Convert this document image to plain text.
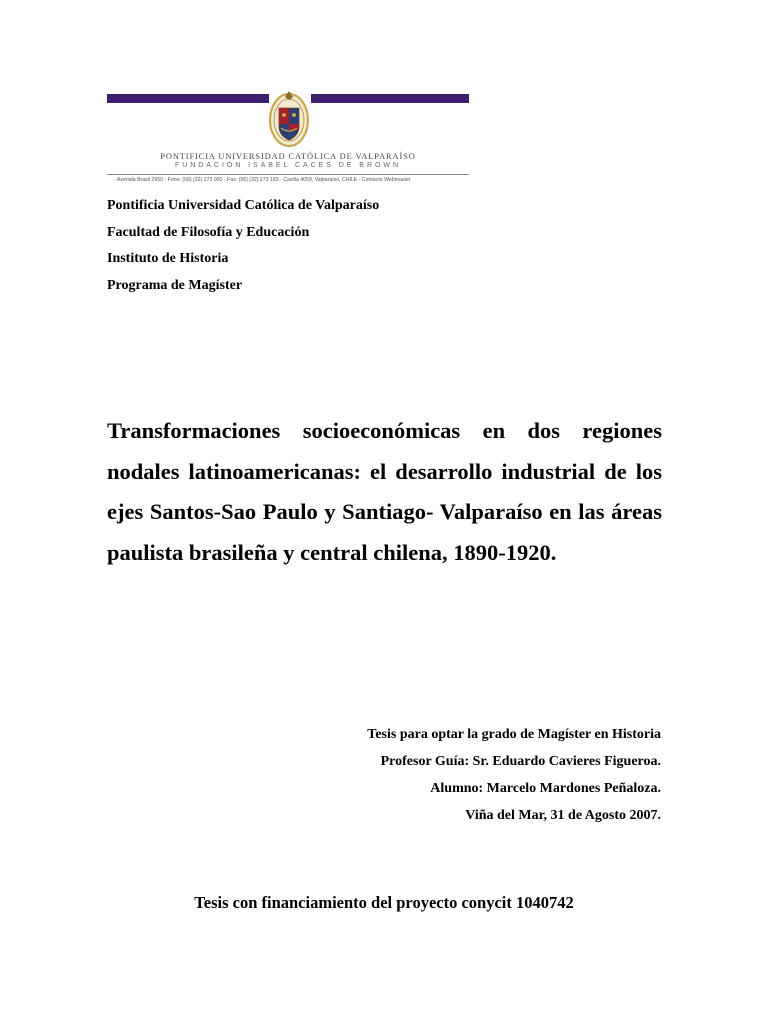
PONTIFICIA UNIVERSIDAD CATÓLICA DE VALPARAÍSO
FUNDACIÓN ISABEL CACES DE BROWN
Avenida Brasil 2950 - Fono: (56) (32) 273 000 - Fax: (56) (32) 273 183 - Casilla 4059, Valparaíso, CHILE - Contacto Webmaster
Pontificia Universidad Católica de Valparaíso
Facultad de Filosofía y Educación
Instituto de Historia
Programa de Magíster

Transformaciones socioeconómicas en dos regiones nodales latinoamericanas: el desarrollo industrial de los ejes Santos-Sao Paulo y Santiago- Valparaíso en las áreas paulista brasileña y central chilena, 1890-1920.

Tesis para optar la grado de Magíster en Historia
Profesor Guía: Sr. Eduardo Cavieres Figueroa.
Alumno: Marcelo Mardones Peñaloza.
Viña del Mar, 31 de Agosto 2007.
Tesis con financiamiento del proyecto conycit 1040742
